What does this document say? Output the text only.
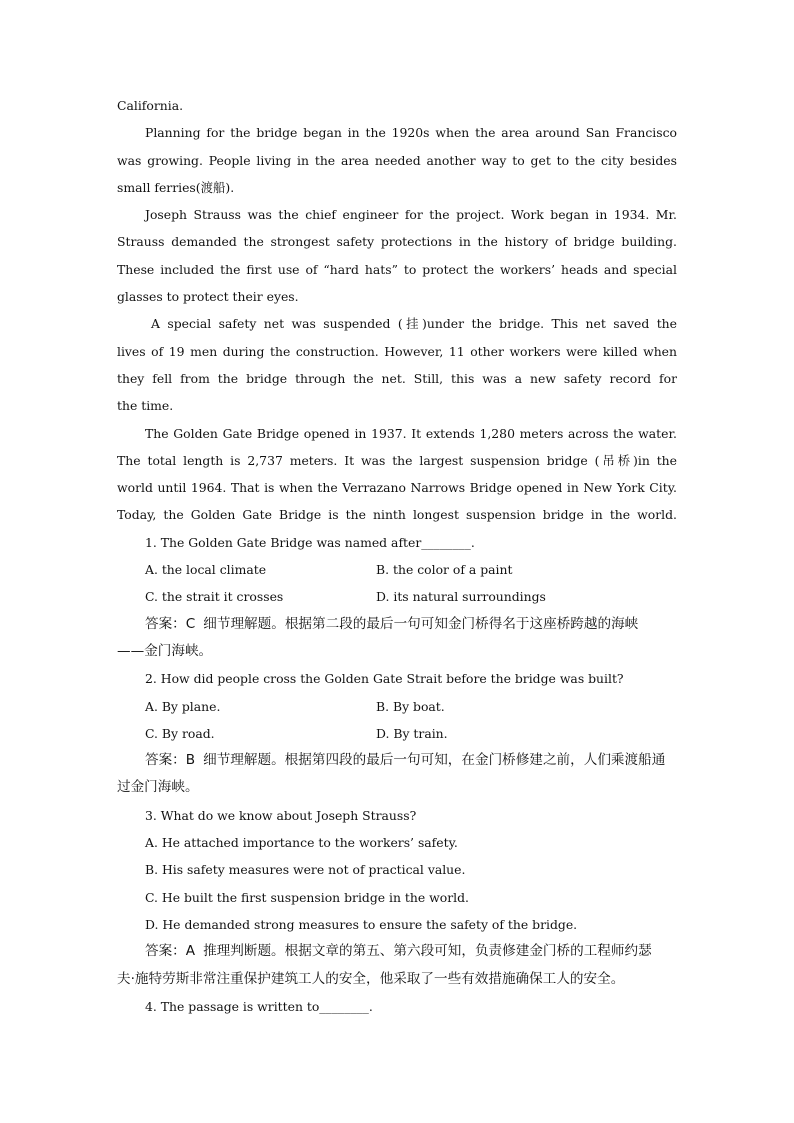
California.
Planning for the bridge began in the 1920s when the area around San Francisco
was growing. People living in the area needed another way to get to the city besides
small ferries(渡船).
Joseph Strauss was the chief engineer for the project. Work began in 1934. Mr.
Strauss demanded the strongest safety protections in the history of bridge building.
These included the first use of “hard hats” to protect the workers’ heads and special
glasses to protect their eyes.
A special safety net was suspended (挂)under the bridge. This net saved the
lives of 19 men during the construction. However, 11 other workers were killed when
they fell from the bridge through the net. Still, this was a new safety record for
the time.
The Golden Gate Bridge opened in 1937. It extends 1,280 meters across the water.
The total length is 2,737 meters. It was the largest suspension bridge (吊桥)in the
world until 1964. That is when the Verrazano Narrows Bridge opened in New York City.
Today, the Golden Gate Bridge is the ninth longest suspension bridge in the world.
1. The Golden Gate Bridge was named after________.
A. the local climate	B. the color of a paint
C. the strait it crosses	D. its natural surroundings
答案：C 细节理解题。根据第二段的最后一句可知金门桥得名于这座桥跨越的海峡
——金门海峡。
2. How did people cross the Golden Gate Strait before the bridge was built?
A. By plane.	B. By boat.
C. By road.	D. By train.
答案：B 细节理解题。根据第四段的最后一句可知，在金门桥修建之前，人们乘渡船通
过金门海峡。
3. What do we know about Joseph Strauss?
A. He attached importance to the workers’ safety.
B. His safety measures were not of practical value.
C. He built the first suspension bridge in the world.
D. He demanded strong measures to ensure the safety of the bridge.
答案：A 推理判断题。根据文章的第五、第六段可知，负责修建金门桥的工程师约瑟
夫·施特劳斯非常注重保护建筑工人的安全，他采取了一些有效措施确保工人的安全。
4. The passage is written to________.
